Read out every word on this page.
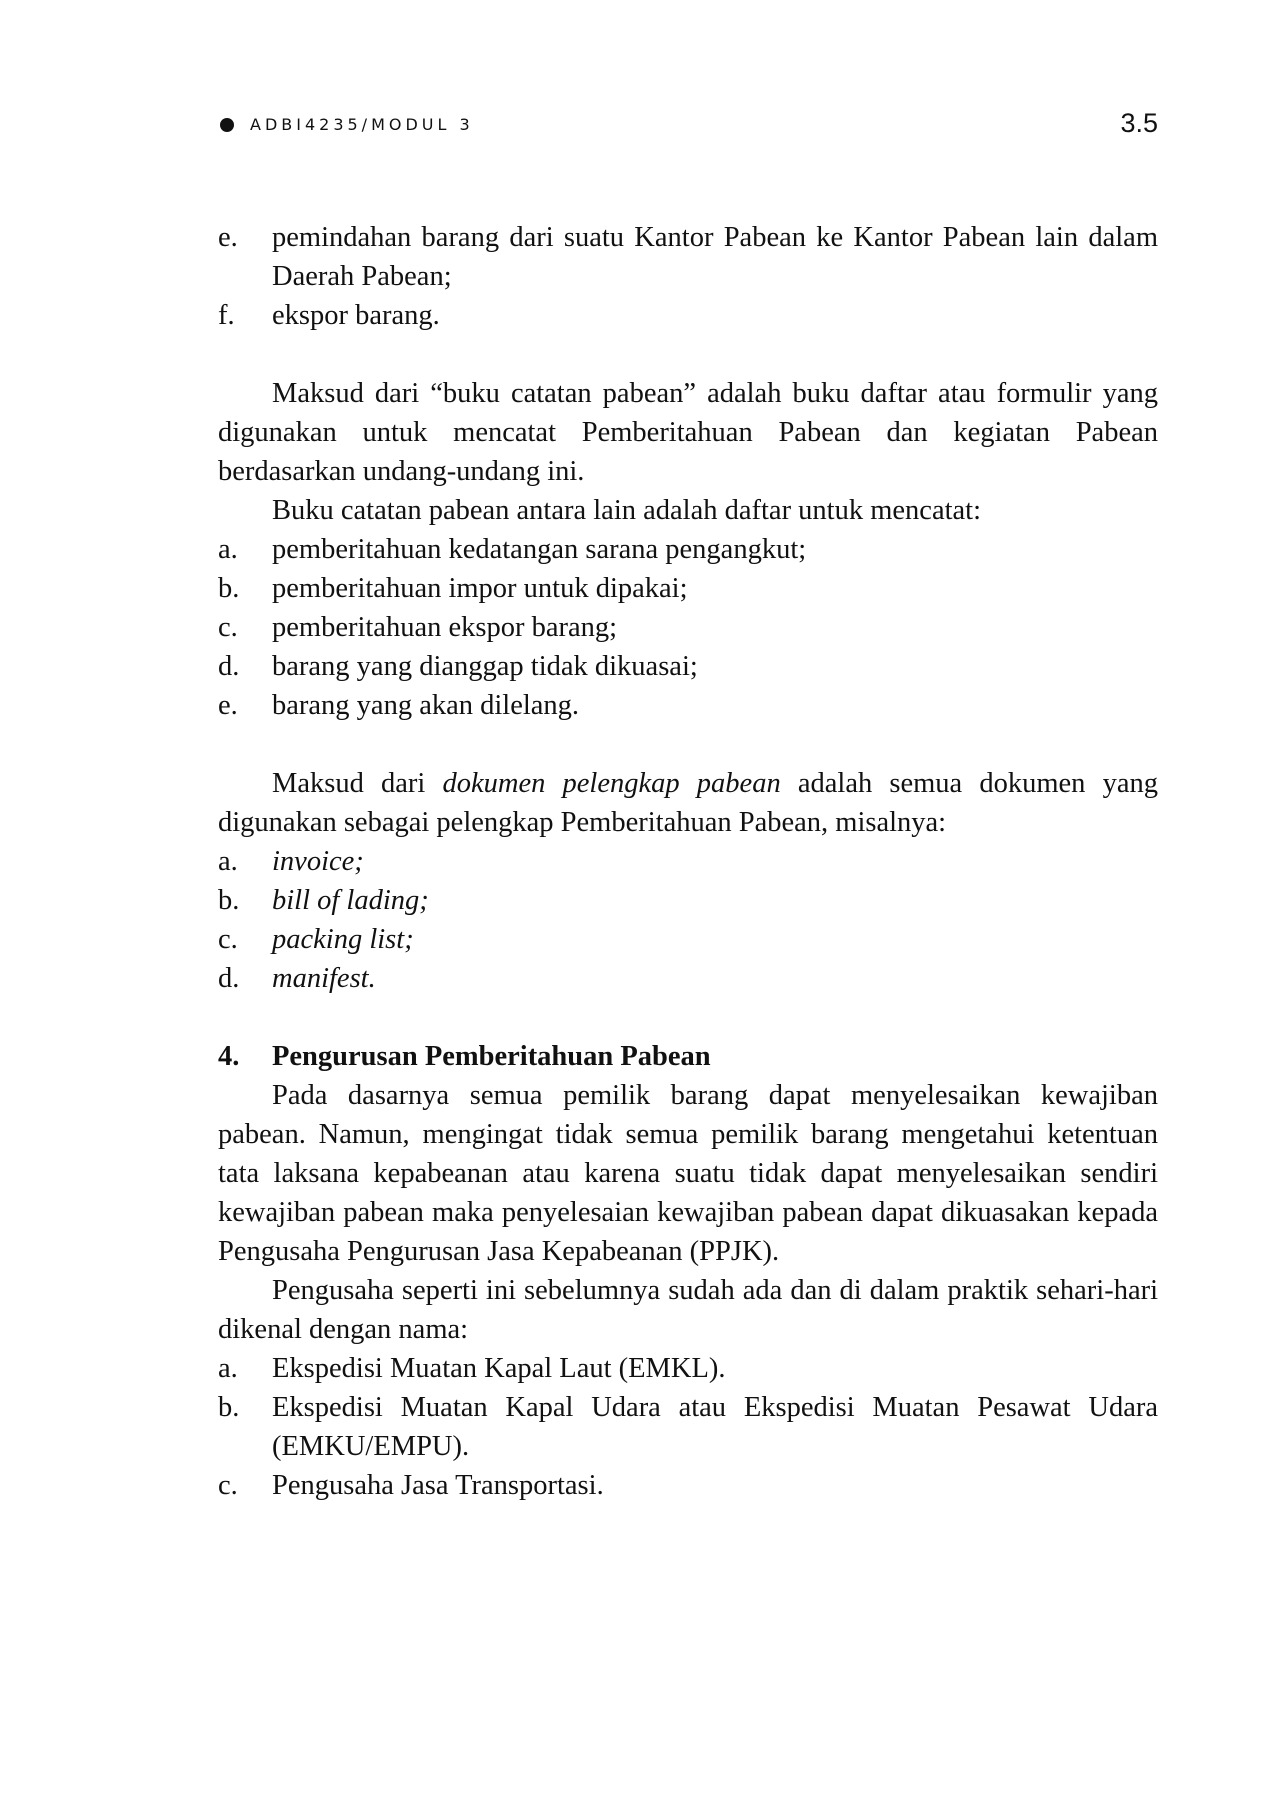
ADBI4235/MODUL 3	3.5
e. pemindahan barang dari suatu Kantor Pabean ke Kantor Pabean lain dalam Daerah Pabean;
f. ekspor barang.
Maksud dari “buku catatan pabean” adalah buku daftar atau formulir yang digunakan untuk mencatat Pemberitahuan Pabean dan kegiatan Pabean berdasarkan undang-undang ini.
Buku catatan pabean antara lain adalah daftar untuk mencatat:
a. pemberitahuan kedatangan sarana pengangkut;
b. pemberitahuan impor untuk dipakai;
c. pemberitahuan ekspor barang;
d. barang yang dianggap tidak dikuasai;
e. barang yang akan dilelang.
Maksud dari dokumen pelengkap pabean adalah semua dokumen yang digunakan sebagai pelengkap Pemberitahuan Pabean, misalnya:
a. invoice;
b. bill of lading;
c. packing list;
d. manifest.
4. Pengurusan Pemberitahuan Pabean
Pada dasarnya semua pemilik barang dapat menyelesaikan kewajiban pabean. Namun, mengingat tidak semua pemilik barang mengetahui ketentuan tata laksana kepabeanan atau karena suatu tidak dapat menyelesaikan sendiri kewajiban pabean maka penyelesaian kewajiban pabean dapat dikuasakan kepada Pengusaha Pengurusan Jasa Kepabeanan (PPJK).
Pengusaha seperti ini sebelumnya sudah ada dan di dalam praktik sehari-hari dikenal dengan nama:
a. Ekspedisi Muatan Kapal Laut (EMKL).
b. Ekspedisi Muatan Kapal Udara atau Ekspedisi Muatan Pesawat Udara (EMKU/EMPU).
c. Pengusaha Jasa Transportasi.
